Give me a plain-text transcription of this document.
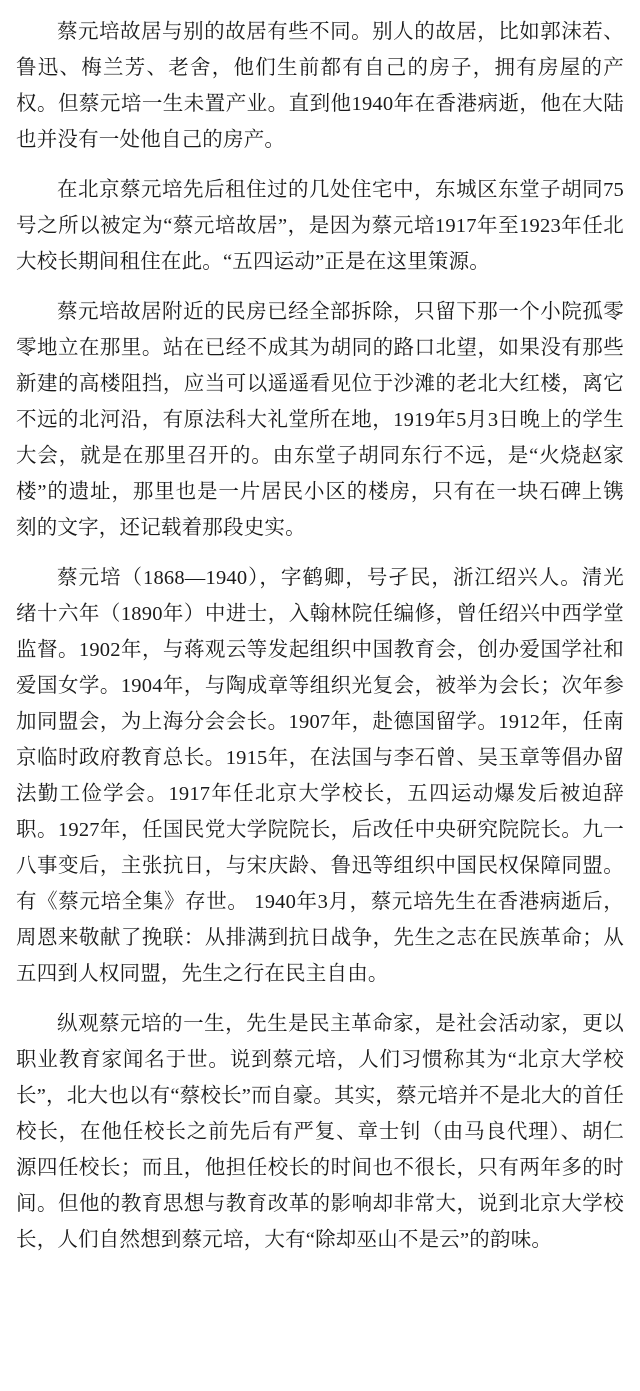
蔡元培故居与别的故居有些不同。别人的故居，比如郭沫若、鲁迅、梅兰芳、老舍，他们生前都有自己的房子，拥有房屋的产权。但蔡元培一生未置产业。直到他1940年在香港病逝，他在大陆也并没有一处他自己的房产。

在北京蔡元培先后租住过的几处住宅中，东城区东堂子胡同75号之所以被定为“蔡元培故居”，是因为蔡元培1917年至1923年任北大校长期间租住在此。“五四运动”正是在这里策源。

蔡元培故居附近的民房已经全部拆除，只留下那一个小院孤零零地立在那里。站在已经不成其为胡同的路口北望，如果没有那些新建的高楼阻挡，应当可以遥遥看见位于沙滩的老北大红楼，离它不远的北河沿，有原法科大礼堂所在地，1919年5月3日晚上的学生大会，就是在那里召开的。由东堂子胡同东行不远，是“火烧赵家楼”的遗址，那里也是一片居民小区的楼房，只有在一块石碑上镌刻的文字，还记载着那段史实。

蔡元培（1868—1940），字鹤卿，号孑民，浙江绍兴人。清光绪十六年（1890年）中进士，入翰林院任编修，曾任绍兴中西学堂监督。1902年，与蒋观云等发起组织中国教育会，创办爱国学社和爱国女学。1904年，与陶成章等组织光复会，被举为会长；次年参加同盟会，为上海分会会长。1907年，赴德国留学。1912年，任南京临时政府教育总长。1915年，在法国与李石曾、吴玉章等倡办留法勤工俭学会。1917年任北京大学校长，五四运动爆发后被迫辞职。1927年，任国民党大学院院长，后改任中央研究院院长。九一八事变后，主张抗日，与宋庆龄、鲁迅等组织中国民权保障同盟。有《蔡元培全集》存世。 1940年3月，蔡元培先生在香港病逝后，周恩来敬献了挽联：从排满到抗日战争，先生之志在民族革命；从五四到人权同盟，先生之行在民主自由。

纵观蔡元培的一生，先生是民主革命家，是社会活动家，更以职业教育家闻名于世。说到蔡元培，人们习惯称其为“北京大学校长”，北大也以有“蔡校长”而自豪。其实，蔡元培并不是北大的首任校长，在他任校长之前先后有严复、章士钊（由马良代理）、胡仁源四任校长；而且，他担任校长的时间也不很长，只有两年多的时间。但他的教育思想与教育改革的影响却非常大，说到北京大学校长，人们自然想到蔡元培，大有“除却巫山不是云”的韵味。
